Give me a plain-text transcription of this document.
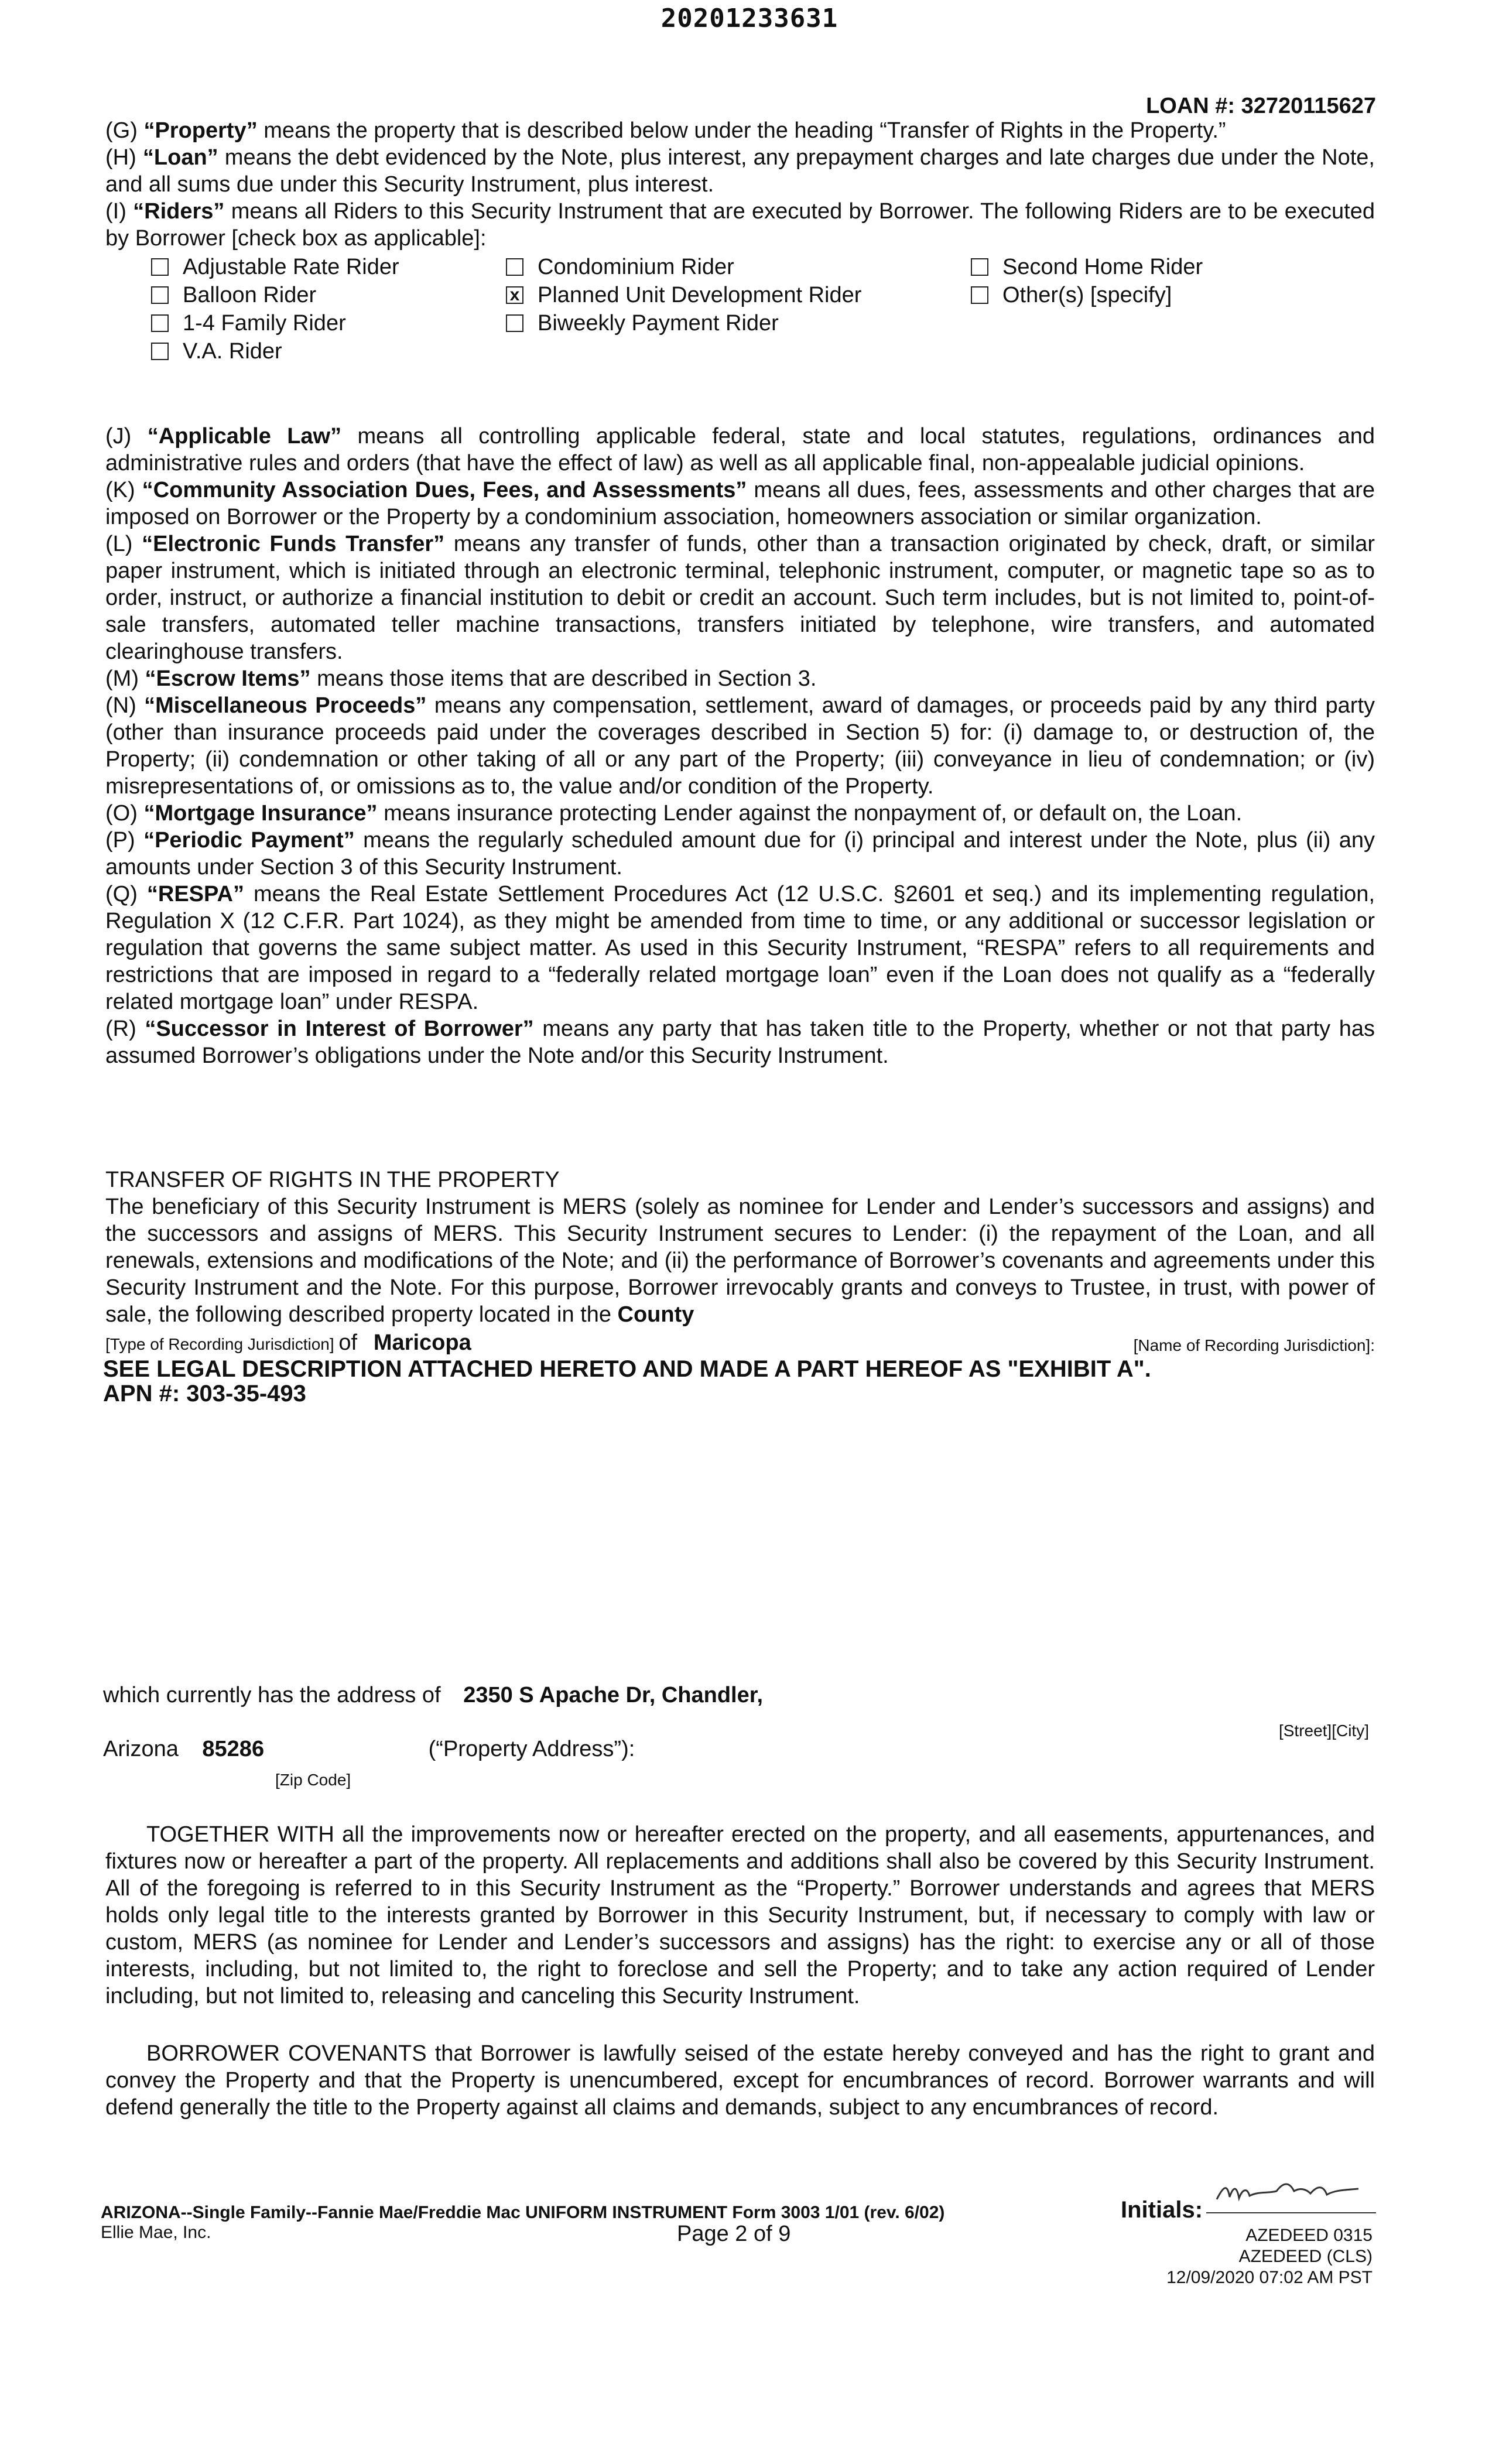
20201233631
LOAN #: 32720115627

(G) “Property” means the property that is described below under the heading “Transfer of Rights in the Property.”

(H) “Loan” means the debt evidenced by the Note, plus interest, any prepayment charges and late charges due under the Note, and all sums due under this Security Instrument, plus interest.

(I) “Riders” means all Riders to this Security Instrument that are executed by Borrower. The following Riders are to be executed by Borrower [check box as applicable]:

Adjustable Rate Rider
Balloon Rider
1-4 Family Rider
V.A. Rider
Condominium Rider
x Planned Unit Development Rider
Biweekly Payment Rider
Second Home Rider
Other(s) [specify]

(J) “Applicable Law” means all controlling applicable federal, state and local statutes, regulations, ordinances and administrative rules and orders (that have the effect of law) as well as all applicable final, non-appealable judicial opinions.

(K) “Community Association Dues, Fees, and Assessments” means all dues, fees, assessments and other charges that are imposed on Borrower or the Property by a condominium association, homeowners association or similar organization.

(L) “Electronic Funds Transfer” means any transfer of funds, other than a transaction originated by check, draft, or similar paper instrument, which is initiated through an electronic terminal, telephonic instrument, computer, or magnetic tape so as to order, instruct, or authorize a financial institution to debit or credit an account. Such term includes, but is not limited to, point-of-sale transfers, automated teller machine transactions, transfers initiated by telephone, wire transfers, and automated clearinghouse transfers.

(M) “Escrow Items” means those items that are described in Section 3.

(N) “Miscellaneous Proceeds” means any compensation, settlement, award of damages, or proceeds paid by any third party (other than insurance proceeds paid under the coverages described in Section 5) for: (i) damage to, or destruction of, the Property; (ii) condemnation or other taking of all or any part of the Property; (iii) conveyance in lieu of condemnation; or (iv) misrepresentations of, or omissions as to, the value and/or condition of the Property.

(O) “Mortgage Insurance” means insurance protecting Lender against the nonpayment of, or default on, the Loan.

(P) “Periodic Payment” means the regularly scheduled amount due for (i) principal and interest under the Note, plus (ii) any amounts under Section 3 of this Security Instrument.

(Q) “RESPA” means the Real Estate Settlement Procedures Act (12 U.S.C. §2601 et seq.) and its implementing regulation, Regulation X (12 C.F.R. Part 1024), as they might be amended from time to time, or any additional or successor legislation or regulation that governs the same subject matter. As used in this Security Instrument, “RESPA” refers to all requirements and restrictions that are imposed in regard to a “federally related mortgage loan” even if the Loan does not qualify as a “federally related mortgage loan” under RESPA.

(R) “Successor in Interest of Borrower” means any party that has taken title to the Property, whether or not that party has assumed Borrower’s obligations under the Note and/or this Security Instrument.

TRANSFER OF RIGHTS IN THE PROPERTY
The beneficiary of this Security Instrument is MERS (solely as nominee for Lender and Lender’s successors and assigns) and the successors and assigns of MERS. This Security Instrument secures to Lender: (i) the repayment of the Loan, and all renewals, extensions and modifications of the Note; and (ii) the performance of Borrower’s covenants and agreements under this Security Instrument and the Note. For this purpose, Borrower irrevocably grants and conveys to Trustee, in trust, with power of sale, the following described property located in the County
[Type of Recording Jurisdiction] of Maricopa	[Name of Recording Jurisdiction]:
SEE LEGAL DESCRIPTION ATTACHED HERETO AND MADE A PART HEREOF AS "EXHIBIT A".
APN #: 303-35-493
which currently has the address of 2350 S Apache Dr, Chandler,
[Street][City]
Arizona 85286	(“Property Address”):
[Zip Code]
TOGETHER WITH all the improvements now or hereafter erected on the property, and all easements, appurtenances, and fixtures now or hereafter a part of the property. All replacements and additions shall also be covered by this Security Instrument. All of the foregoing is referred to in this Security Instrument as the “Property.” Borrower understands and agrees that MERS holds only legal title to the interests granted by Borrower in this Security Instrument, but, if necessary to comply with law or custom, MERS (as nominee for Lender and Lender’s successors and assigns) has the right: to exercise any or all of those interests, including, but not limited to, the right to foreclose and sell the Property; and to take any action required of Lender including, but not limited to, releasing and canceling this Security Instrument.
BORROWER COVENANTS that Borrower is lawfully seised of the estate hereby conveyed and has the right to grant and convey the Property and that the Property is unencumbered, except for encumbrances of record. Borrower warrants and will defend generally the title to the Property against all claims and demands, subject to any encumbrances of record.
ARIZONA--Single Family--Fannie Mae/Freddie Mac UNIFORM INSTRUMENT Form 3003 1/01 (rev. 6/02)
Ellie Mae, Inc.	Page 2 of 9
Initials:
AZEDEED 0315
AZEDEED (CLS)
12/09/2020 07:02 AM PST
